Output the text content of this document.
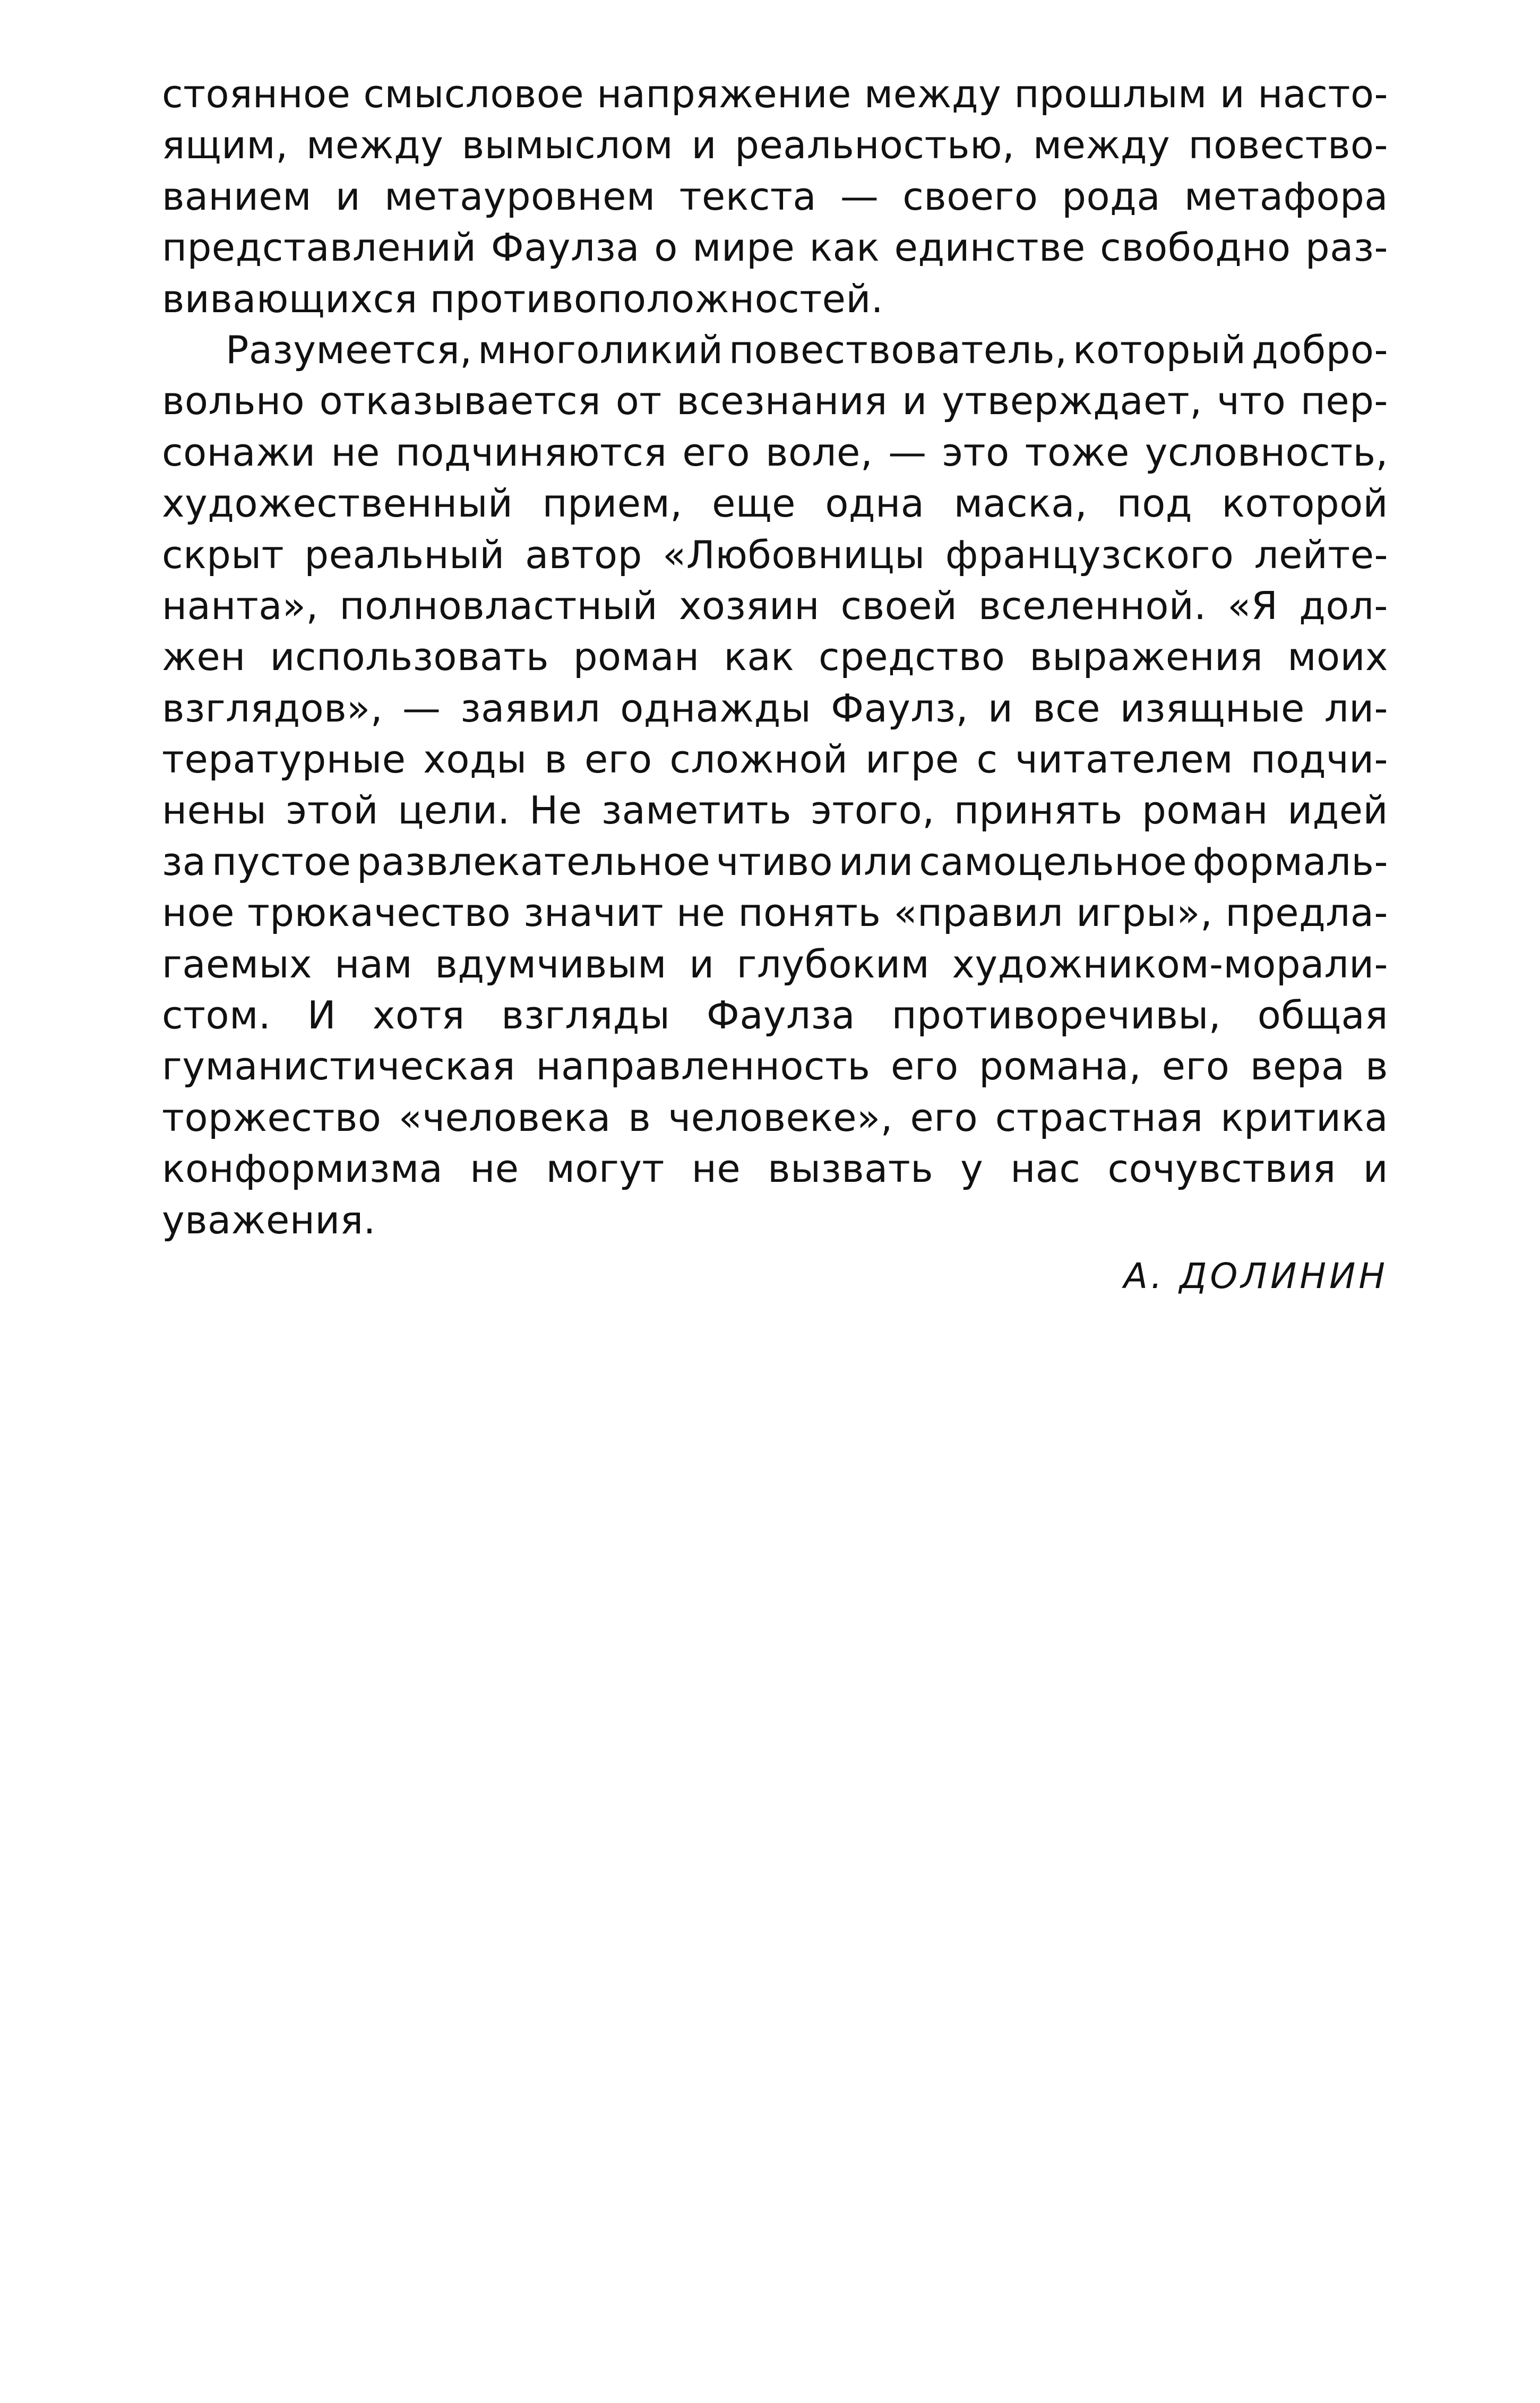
стоянное смысловое напряжение между прошлым и насто-
ящим, между вымыслом и реальностью, между повество-
ванием и метауровнем текста — своего рода метафора
представлений Фаулза о мире как единстве свободно раз-
вивающихся противоположностей.
Разумеется, многоликий повествователь, который добро-
вольно отказывается от всезнания и утверждает, что пер-
сонажи не подчиняются его воле, — это тоже условность,
художественный прием, еще одна маска, под которой
скрыт реальный автор «Любовницы французского лейте-
нанта», полновластный хозяин своей вселенной. «Я дол-
жен использовать роман как средство выражения моих
взглядов», — заявил однажды Фаулз, и все изящные ли-
тературные ходы в его сложной игре с читателем подчи-
нены этой цели. Не заметить этого, принять роман идей
за пустое развлекательное чтиво или самоцельное формаль-
ное трюкачество значит не понять «правил игры», предла-
гаемых нам вдумчивым и глубоким художником-морали-
стом. И хотя взгляды Фаулза противоречивы, общая
гуманистическая направленность его романа, его вера в
торжество «человека в человеке», его страстная критика
конформизма не могут не вызвать у нас сочувствия и
уважения.
А. ДОЛИНИН
